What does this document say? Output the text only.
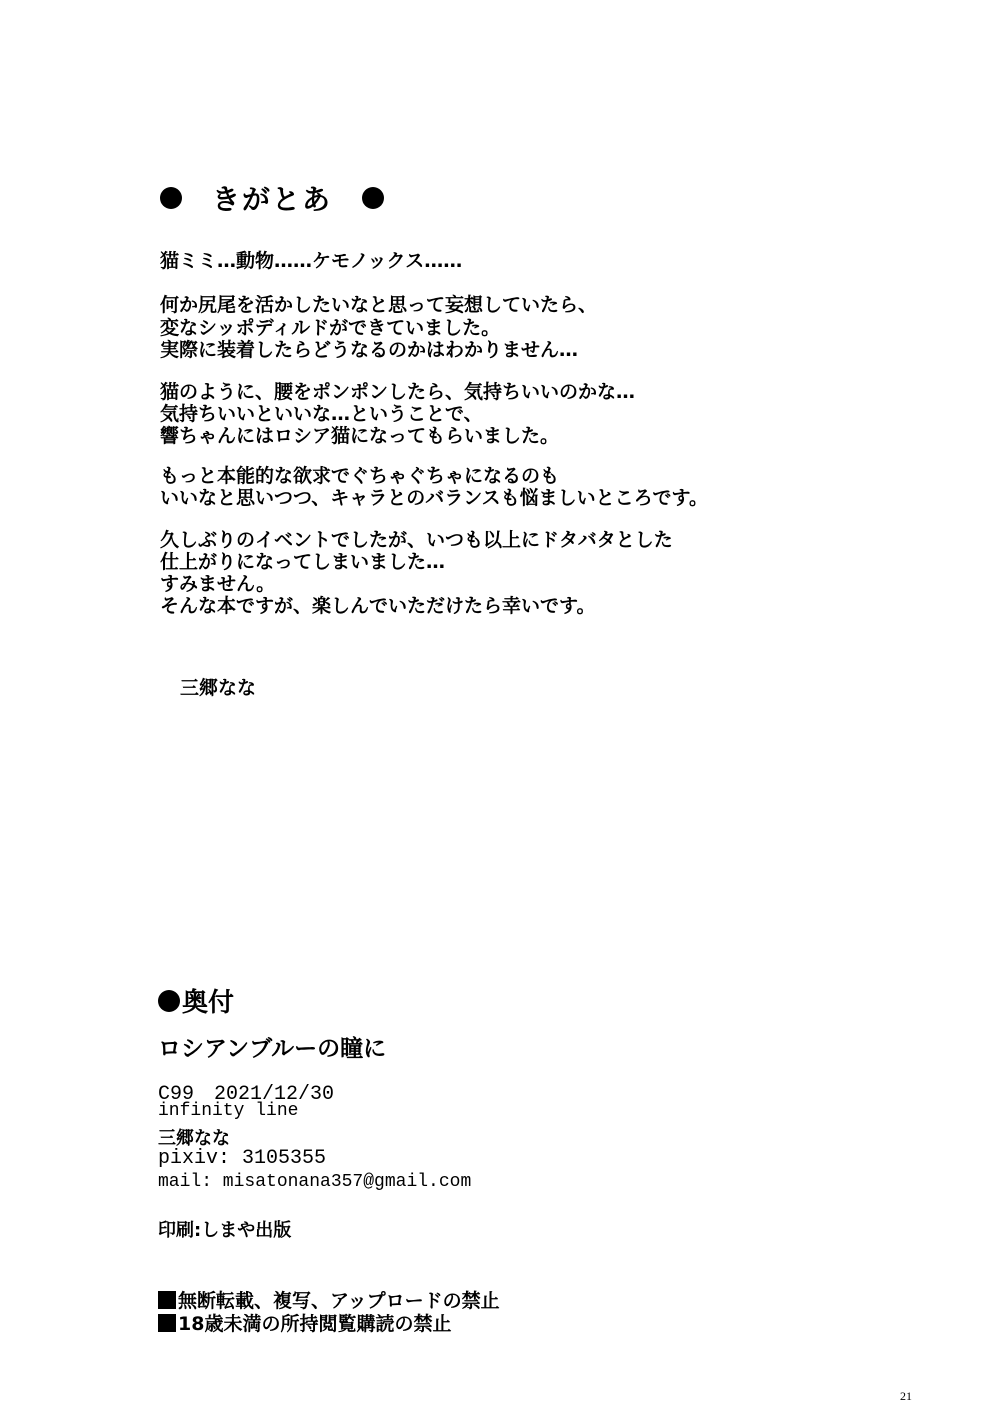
きがとあ
猫ミミ…動物……ケモノックス……
何か尻尾を活かしたいなと思って妄想していたら、
変なシッポディルドができていました。
実際に装着したらどうなるのかはわかりません…
猫のように、腰をポンポンしたら、気持ちいいのかな…
気持ちいいといいな…ということで、
響ちゃんにはロシア猫になってもらいました。
もっと本能的な欲求でぐちゃぐちゃになるのも
いいなと思いつつ、キャラとのバランスも悩ましいところです。
久しぶりのイベントでしたが、いつも以上にドタバタとした
仕上がりになってしまいました…
すみません。
そんな本ですが、楽しんでいただけたら幸いです。
三郷なな
奥付
ロシアンブルーの瞳に
C99　2021/12/30
infinity line
三郷なな
pixiv: 3105355
mail: misatonana357@gmail.com
印刷:しまや出版
無断転載、複写、アップロードの禁止
18歳未満の所持閲覧購読の禁止
21
